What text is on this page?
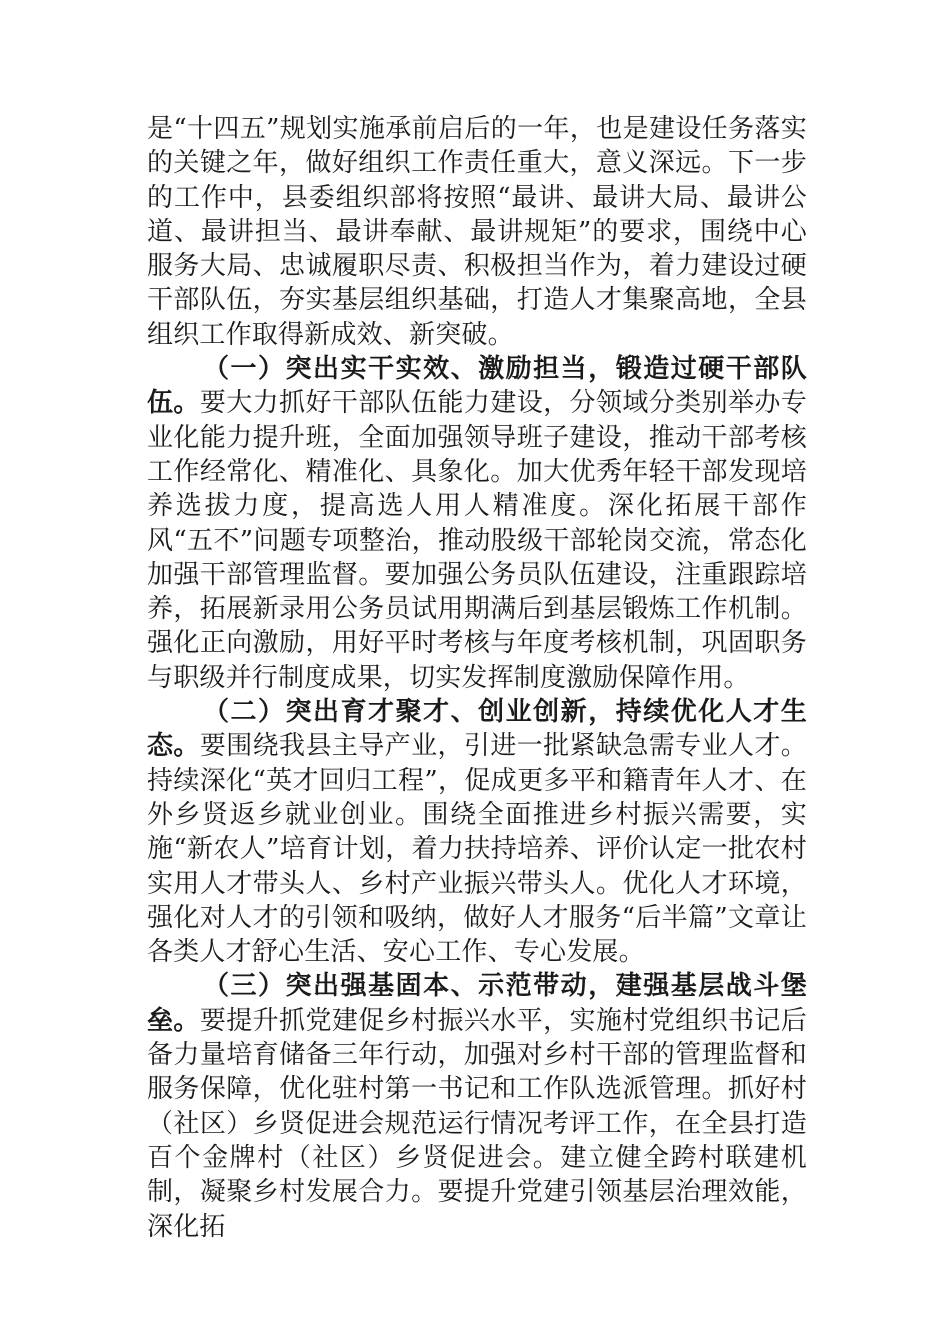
是“十四五”规划实施承前启后的一年，也是建设任务落实的关键之年，做好组织工作责任重大，意义深远。下一步的工作中，县委组织部将按照“最讲、最讲大局、最讲公道、最讲担当、最讲奉献、最讲规矩”的要求，围绕中心服务大局、忠诚履职尽责、积极担当作为，着力建设过硬干部队伍，夯实基层组织基础，打造人才集聚高地，全县组织工作取得新成效、新突破。

（一）突出实干实效、激励担当，锻造过硬干部队伍。要大力抓好干部队伍能力建设，分领域分类别举办专业化能力提升班，全面加强领导班子建设，推动干部考核工作经常化、精准化、具象化。加大优秀年轻干部发现培养选拔力度，提高选人用人精准度。深化拓展干部作风“五不”问题专项整治，推动股级干部轮岗交流，常态化加强干部管理监督。要加强公务员队伍建设，注重跟踪培养，拓展新录用公务员试用期满后到基层锻炼工作机制。强化正向激励，用好平时考核与年度考核机制，巩固职务与职级并行制度成果，切实发挥制度激励保障作用。

（二）突出育才聚才、创业创新，持续优化人才生态。要围绕我县主导产业，引进一批紧缺急需专业人才。持续深化“英才回归工程”，促成更多平和籍青年人才、在外乡贤返乡就业创业。围绕全面推进乡村振兴需要，实施“新农人”培育计划，着力扶持培养、评价认定一批农村实用人才带头人、乡村产业振兴带头人。优化人才环境，强化对人才的引领和吸纳，做好人才服务“后半篇”文章让各类人才舒心生活、安心工作、专心发展。

（三）突出强基固本、示范带动，建强基层战斗堡垒。要提升抓党建促乡村振兴水平，实施村党组织书记后备力量培育储备三年行动，加强对乡村干部的管理监督和服务保障，优化驻村第一书记和工作队选派管理。抓好村（社区）乡贤促进会规范运行情况考评工作，在全县打造百个金牌村（社区）乡贤促进会。建立健全跨村联建机制，凝聚乡村发展合力。要提升党建引领基层治理效能，深化拓
